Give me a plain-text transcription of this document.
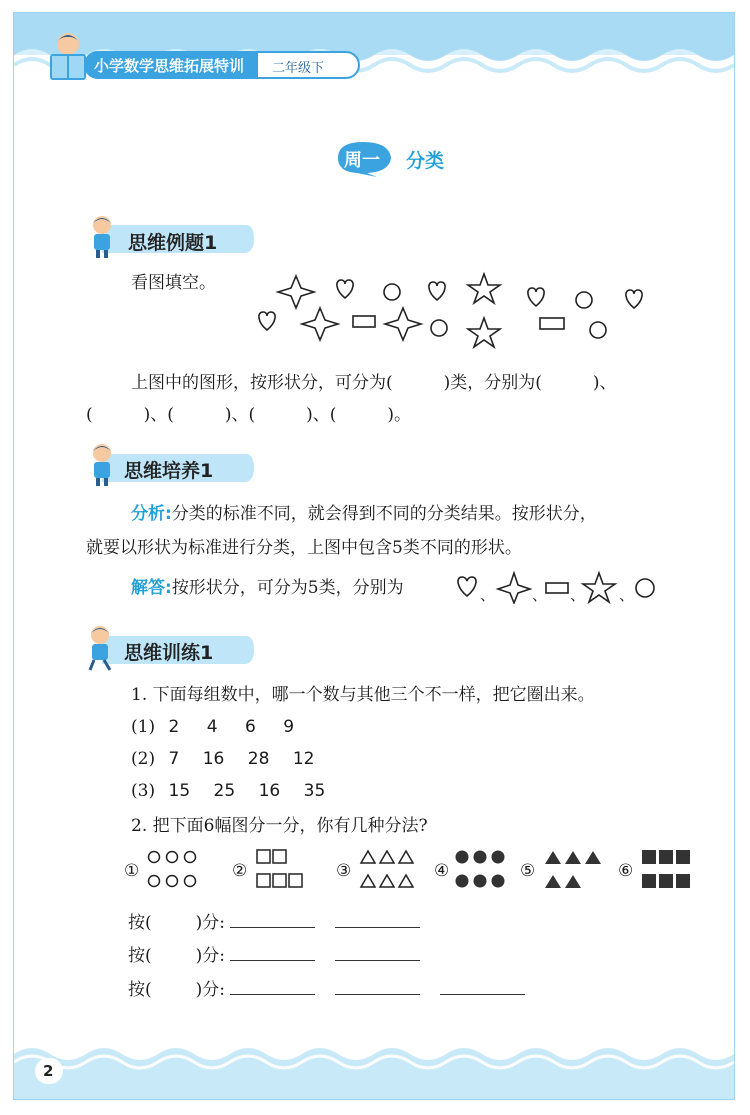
小学数学思维拓展特训 二年级下
周一 分类
思维例题1
看图填空。
上图中的图形，按形状分，可分为(　　　)类，分别为(　　　)、
(　　　)、(　　　)、(　　　)、(　　　)。
思维培养1
分析:分类的标准不同，就会得到不同的分类结果。按形状分，
就要以形状为标准进行分类，上图中包含5类不同的形状。
解答:按形状分，可分为5类，分别为	、 、 、 、
思维训练1
1. 下面每组数中，哪一个数与其他三个不一样，把它圈出来。
(1) 2 4 6 9
(2) 7 16 28 12
(3) 15 25 16 35
2. 把下面6幅图分一分，你有几种分法?
①	②	③	④	⑤	⑥
按(	)分:
按(	)分:
按(	)分:
2
